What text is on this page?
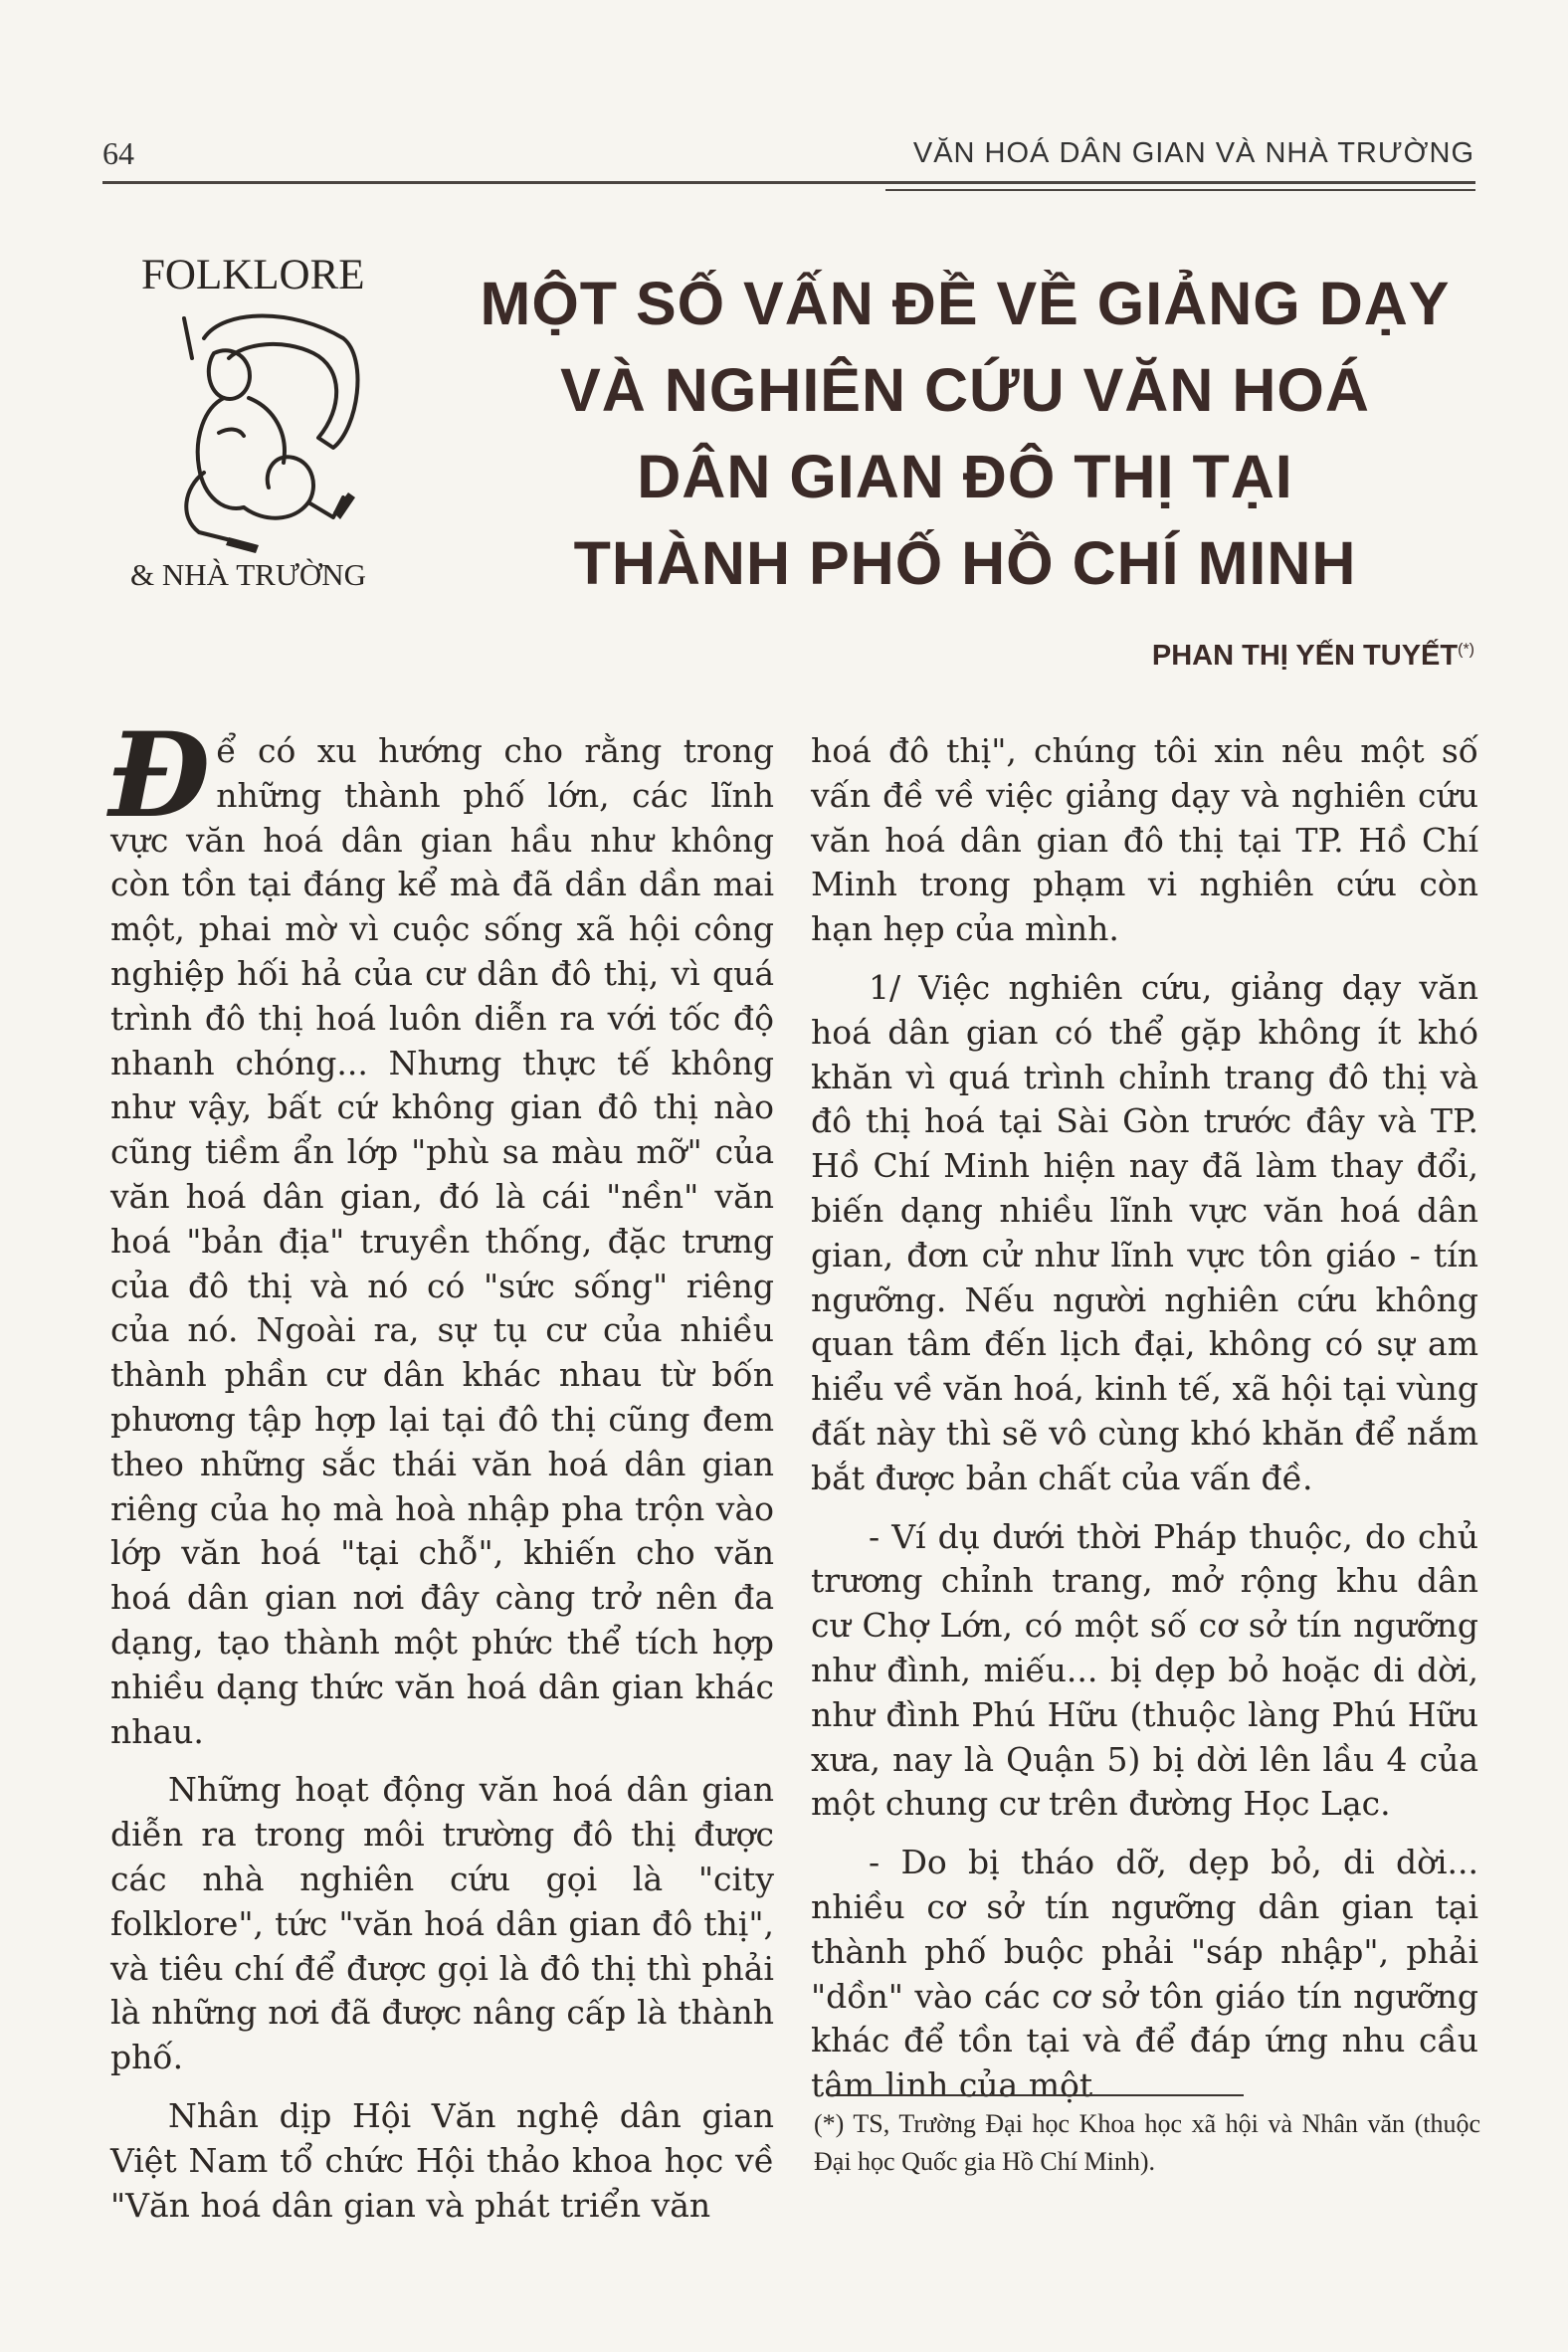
64	VĂN HOÁ DÂN GIAN VÀ NHÀ TRƯỜNG
FOLKLORE
& NHÀ TRƯỜNG
MỘT SỐ VẤN ĐỀ VỀ GIẢNG DẠY
VÀ NGHIÊN CỨU VĂN HOÁ
DÂN GIAN ĐÔ THỊ TẠI
THÀNH PHỐ HỒ CHÍ MINH
PHAN THỊ YẾN TUYẾT(*)

Để có xu hướng cho rằng trong những thành phố lớn, các lĩnh vực văn hoá dân gian hầu như không còn tồn tại đáng kể mà đã dần dần mai một, phai mờ vì cuộc sống xã hội công nghiệp hối hả của cư dân đô thị, vì quá trình đô thị hoá luôn diễn ra với tốc độ nhanh chóng... Nhưng thực tế không như vậy, bất cứ không gian đô thị nào cũng tiềm ẩn lớp "phù sa màu mỡ" của văn hoá dân gian, đó là cái "nền" văn hoá "bản địa" truyền thống, đặc trưng của đô thị và nó có "sức sống" riêng của nó. Ngoài ra, sự tụ cư của nhiều thành phần cư dân khác nhau từ bốn phương tập hợp lại tại đô thị cũng đem theo những sắc thái văn hoá dân gian riêng của họ mà hoà nhập pha trộn vào lớp văn hoá "tại chỗ", khiến cho văn hoá dân gian nơi đây càng trở nên đa dạng, tạo thành một phức thể tích hợp nhiều dạng thức văn hoá dân gian khác nhau.

Những hoạt động văn hoá dân gian diễn ra trong môi trường đô thị được các nhà nghiên cứu gọi là "city folklore", tức "văn hoá dân gian đô thị", và tiêu chí để được gọi là đô thị thì phải là những nơi đã được nâng cấp là thành phố.

Nhân dịp Hội Văn nghệ dân gian Việt Nam tổ chức Hội thảo khoa học về "Văn hoá dân gian và phát triển văn

hoá đô thị", chúng tôi xin nêu một số vấn đề về việc giảng dạy và nghiên cứu văn hoá dân gian đô thị tại TP. Hồ Chí Minh trong phạm vi nghiên cứu còn hạn hẹp của mình.

1/ Việc nghiên cứu, giảng dạy văn hoá dân gian có thể gặp không ít khó khăn vì quá trình chỉnh trang đô thị và đô thị hoá tại Sài Gòn trước đây và TP. Hồ Chí Minh hiện nay đã làm thay đổi, biến dạng nhiều lĩnh vực văn hoá dân gian, đơn cử như lĩnh vực tôn giáo - tín ngưỡng. Nếu người nghiên cứu không quan tâm đến lịch đại, không có sự am hiểu về văn hoá, kinh tế, xã hội tại vùng đất này thì sẽ vô cùng khó khăn để nắm bắt được bản chất của vấn đề.

- Ví dụ dưới thời Pháp thuộc, do chủ trương chỉnh trang, mở rộng khu dân cư Chợ Lớn, có một số cơ sở tín ngưỡng như đình, miếu... bị dẹp bỏ hoặc di dời, như đình Phú Hữu (thuộc làng Phú Hữu xưa, nay là Quận 5) bị dời lên lầu 4 của một chung cư trên đường Học Lạc.

- Do bị tháo dỡ, dẹp bỏ, di dời... nhiều cơ sở tín ngưỡng dân gian tại thành phố buộc phải "sáp nhập", phải "dồn" vào các cơ sở tôn giáo tín ngưỡng khác để tồn tại và để đáp ứng nhu cầu tâm linh của một

(*) TS, Trường Đại học Khoa học xã hội và Nhân văn (thuộc Đại học Quốc gia Hồ Chí Minh).
